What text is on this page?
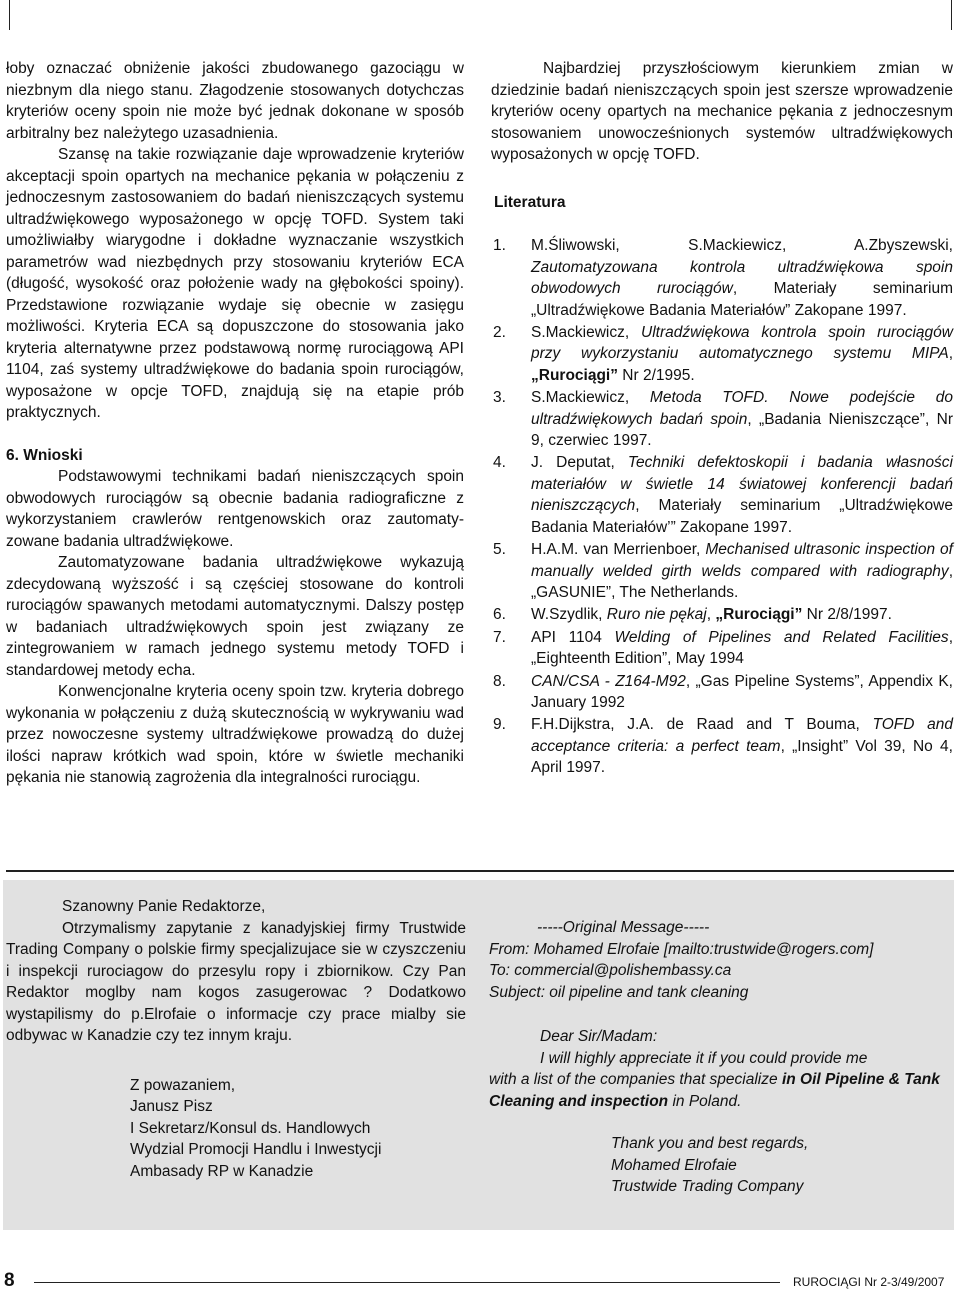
łoby oznaczać obniżenie jakości zbudowanego gazociągu w niezbnym dla niego stanu. Złagodzenie stosowanych dotychczas kryteriów oceny spoin nie może być jednak dokonane w sposób arbitralny bez należytego uzasadnienia.

Szansę na takie rozwiązanie daje wprowadzenie kryteriów akceptacji spoin opartych na mechanice pękania w połączeniu z jednoczesnym zastosowaniem do badań nieniszczących systemu ultradźwiękowego wyposażonego w opcję TOFD. System taki umożliwiałby wiarygodne i dokładne wyznaczanie wszystkich parametrów wad niezbędnych przy stosowaniu kryteriów ECA (długość, wysokość oraz położenie wady na głębokości spoiny). Przedstawione rozwiązanie wydaje się obecnie w zasięgu możliwości. Kryteria ECA są dopuszczone do stosowania jako kryteria alternatywne przez podstawową normę rurociągową API 1104, zaś systemy ultradźwiękowe do badania spoin rurociągów, wyposażone w opcje TOFD, znajdują się na etapie prób praktycznych.

6. Wnioski

Podstawowymi technikami badań nieniszczących spoin obwodowych rurociągów są obecnie badania radiograficzne z wykorzystaniem crawlerów rentgenowskich oraz zautomaty-zowane badania ultradźwiękowe.

Zautomatyzowane badania ultradźwiękowe wykazują zdecydowaną wyższość i są częściej stosowane do kontroli rurociągów spawanych metodami automatycznymi. Dalszy postęp w badaniach ultradźwiękowych spoin jest związany ze zintegrowaniem w ramach jednego systemu metody TOFD i standardowej metody echa.

Konwencjonalne kryteria oceny spoin tzw. kryteria dobrego wykonania w połączeniu z dużą skutecznością w wykrywaniu wad przez nowoczesne systemy ultradźwiękowe prowadzą do dużej ilości napraw krótkich wad spoin, które w świetle mechaniki pękania nie stanowią zagrożenia dla integralności rurociągu.

Najbardziej przyszłościowym kierunkiem zmian w dziedzinie badań nieniszczących spoin jest szersze wprowadzenie kryteriów oceny opartych na mechanice pękania z jednoczesnym stosowaniem unowocześnionych systemów ultradźwiękowych wyposażonych w opcję TOFD.

Literatura
1.	M.Śliwowski, S.Mackiewicz, A.Zbyszewski, Zautomatyzowana kontrola ultradźwiękowa spoin obwodowych rurociągów, Materiały seminarium „Ultradźwiękowe Badania Materiałów” Zakopane 1997.
2.	S.Mackiewicz, Ultradźwiękowa kontrola spoin rurociągów przy wykorzystaniu automatycznego systemu MIPA, „Rurociągi” Nr 2/1995.
3.	S.Mackiewicz, Metoda TOFD. Nowe podejście do ultradźwiękowych badań spoin, „Badania Nieniszczące”, Nr 9, czerwiec 1997.
4.	J. Deputat, Techniki defektoskopii i badania własności materiałów w świetle 14 światowej konferencji badań nieniszczących, Materiały seminarium „Ultradźwiękowe Badania Materiałów’” Zakopane 1997.
5.	H.A.M. van Merrienboer, Mechanised ultrasonic inspection of manually welded girth welds compared with radiography, „GASUNIE”, The Netherlands.
6.	W.Szydlik, Ruro nie pękaj, „Rurociągi” Nr 2/8/1997.
7.	API 1104 Welding of Pipelines and Related Facilities, „Eighteenth Edition”, May 1994
8.	CAN/CSA - Z164-M92, „Gas Pipeline Systems”, Appendix K, January 1992
9.	F.H.Dijkstra, J.A. de Raad and T Bouma, TOFD and acceptance criteria: a perfect team, „Insight” Vol 39, No 4, April 1997.
Szanowny Panie Redaktorze,

Otrzymalismy zapytanie z kanadyjskiej firmy Trustwide Trading Company o polskie firmy specjalizujace sie w czyszczeniu i inspekcji rurociagow do przesylu ropy i zbiornikow. Czy Pan Redaktor moglby nam kogos zasugerowac ? Dodatkowo wystapilismy do p.Elrofaie o informacje czy prace mialby sie odbywac w Kanadzie czy tez innym kraju.

Z powazaniem,
Janusz Pisz
I Sekretarz/Konsul ds. Handlowych
Wydzial Promocji Handlu i Inwestycji
Ambasady RP w Kanadzie
-----Original Message-----
From: Mohamed Elrofaie [mailto:trustwide@rogers.com]
To: commercial@polishembassy.ca
Subject: oil pipeline and tank cleaning
Dear Sir/Madam:
I will highly appreciate it if you could provide me
with a list of the companies that specialize in Oil Pipeline & Tank Cleaning and inspection in Poland.
Thank you and best regards,
Mohamed Elrofaie
Trustwide Trading Company
8	RUROCIĄGI Nr 2-3/49/2007
